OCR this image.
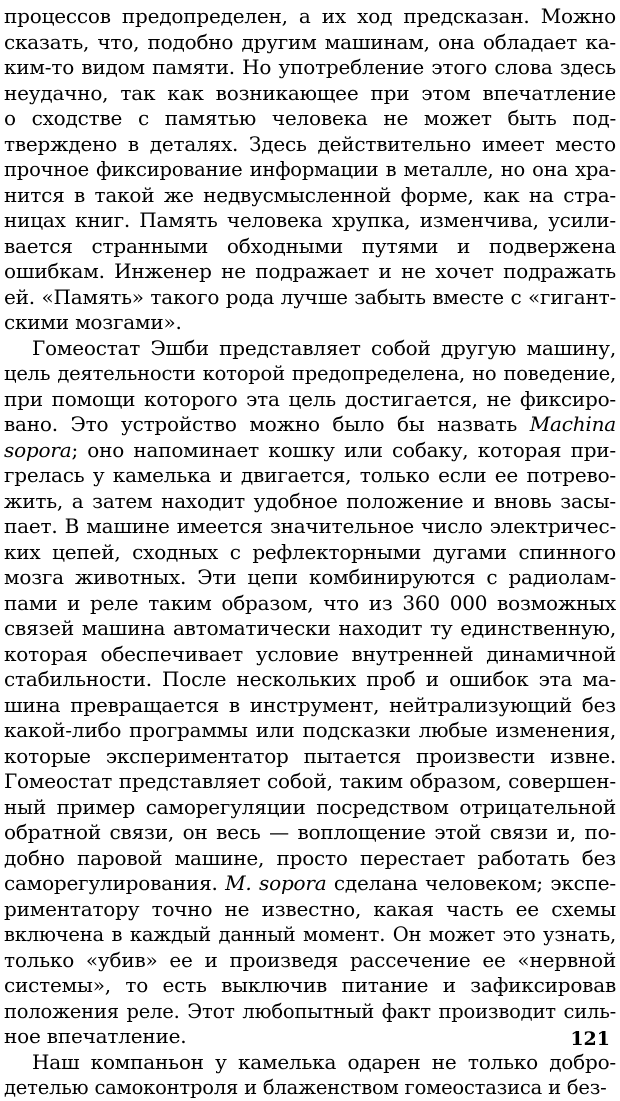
процессов предопределен, а их ход предсказан. Можно
сказать, что, подобно другим машинам, она обладает ка-
ким-то видом памяти. Но употребление этого слова здесь
неудачно, так как возникающее при этом впечатление
о сходстве с памятью человека не может быть под-
тверждено в деталях. Здесь действительно имеет место
прочное фиксирование информации в металле, но она хра-
нится в такой же недвусмысленной форме, как на стра-
ницах книг. Память человека хрупка, изменчива, усили-
вается странными обходными путями и подвержена
ошибкам. Инженер не подражает и не хочет подражать
ей. «Память» такого рода лучше забыть вместе с «гигант-
скими мозгами».
Гомеостат Эшби представляет собой другую машину,
цель деятельности которой предопределена, но поведение,
при помощи которого эта цель достигается, не фиксиро-
вано. Это устройство можно было бы назвать Machina
sopora; оно напоминает кошку или собаку, которая при-
грелась у камелька и двигается, только если ее потрево-
жить, а затем находит удобное положение и вновь засы-
пает. В машине имеется значительное число электричес-
ких цепей, сходных с рефлекторными дугами спинного
мозга животных. Эти цепи комбинируются с радиолам-
пами и реле таким образом, что из 360 000 возможных
связей машина автоматически находит ту единственную,
которая обеспечивает условие внутренней динамичной
стабильности. После нескольких проб и ошибок эта ма-
шина превращается в инструмент, нейтрализующий без
какой-либо программы или подсказки любые изменения,
которые экспериментатор пытается произвести извне.
Гомеостат представляет собой, таким образом, совершен-
ный пример саморегуляции посредством отрицательной
обратной связи, он весь — воплощение этой связи и, по-
добно паровой машине, просто перестает работать без
саморегулирования. M. sopora сделана человеком; экспе-
риментатору точно не известно, какая часть ее схемы
включена в каждый данный момент. Он может это узнать,
только «убив» ее и произведя рассечение ее «нервной
системы», то есть выключив питание и зафиксировав
положения реле. Этот любопытный факт производит силь-
ное впечатление.
Наш компаньон у камелька одарен не только добро-
детелью самоконтроля и блаженством гомеостазиса и без-
121
